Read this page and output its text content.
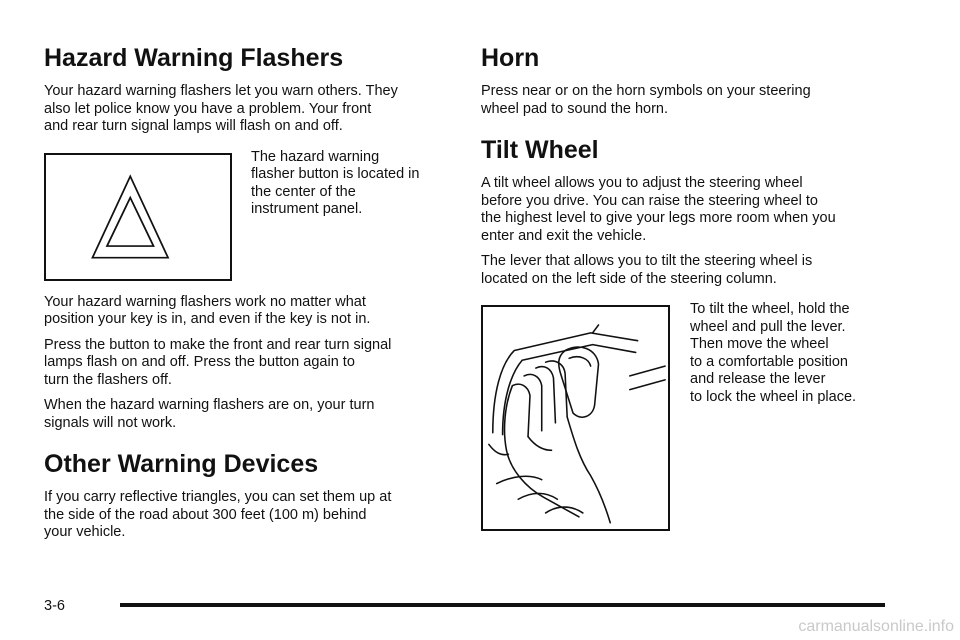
Hazard Warning Flashers

Your hazard warning flashers let you warn others. They
also let police know you have a problem. Your front
and rear turn signal lamps will flash on and off.

The hazard warning
flasher button is located in
the center of the
instrument panel.

Your hazard warning flashers work no matter what
position your key is in, and even if the key is not in.

Press the button to make the front and rear turn signal
lamps flash on and off. Press the button again to
turn the flashers off.

When the hazard warning flashers are on, your turn
signals will not work.

Other Warning Devices

If you carry reflective triangles, you can set them up at
the side of the road about 300 feet (100 m) behind
your vehicle.

Horn

Press near or on the horn symbols on your steering
wheel pad to sound the horn.

Tilt Wheel

A tilt wheel allows you to adjust the steering wheel
before you drive. You can raise the steering wheel to
the highest level to give your legs more room when you
enter and exit the vehicle.

The lever that allows you to tilt the steering wheel is
located on the left side of the steering column.

To tilt the wheel, hold the
wheel and pull the lever.
Then move the wheel
to a comfortable position
and release the lever
to lock the wheel in place.

3-6
carmanualsonline.info
